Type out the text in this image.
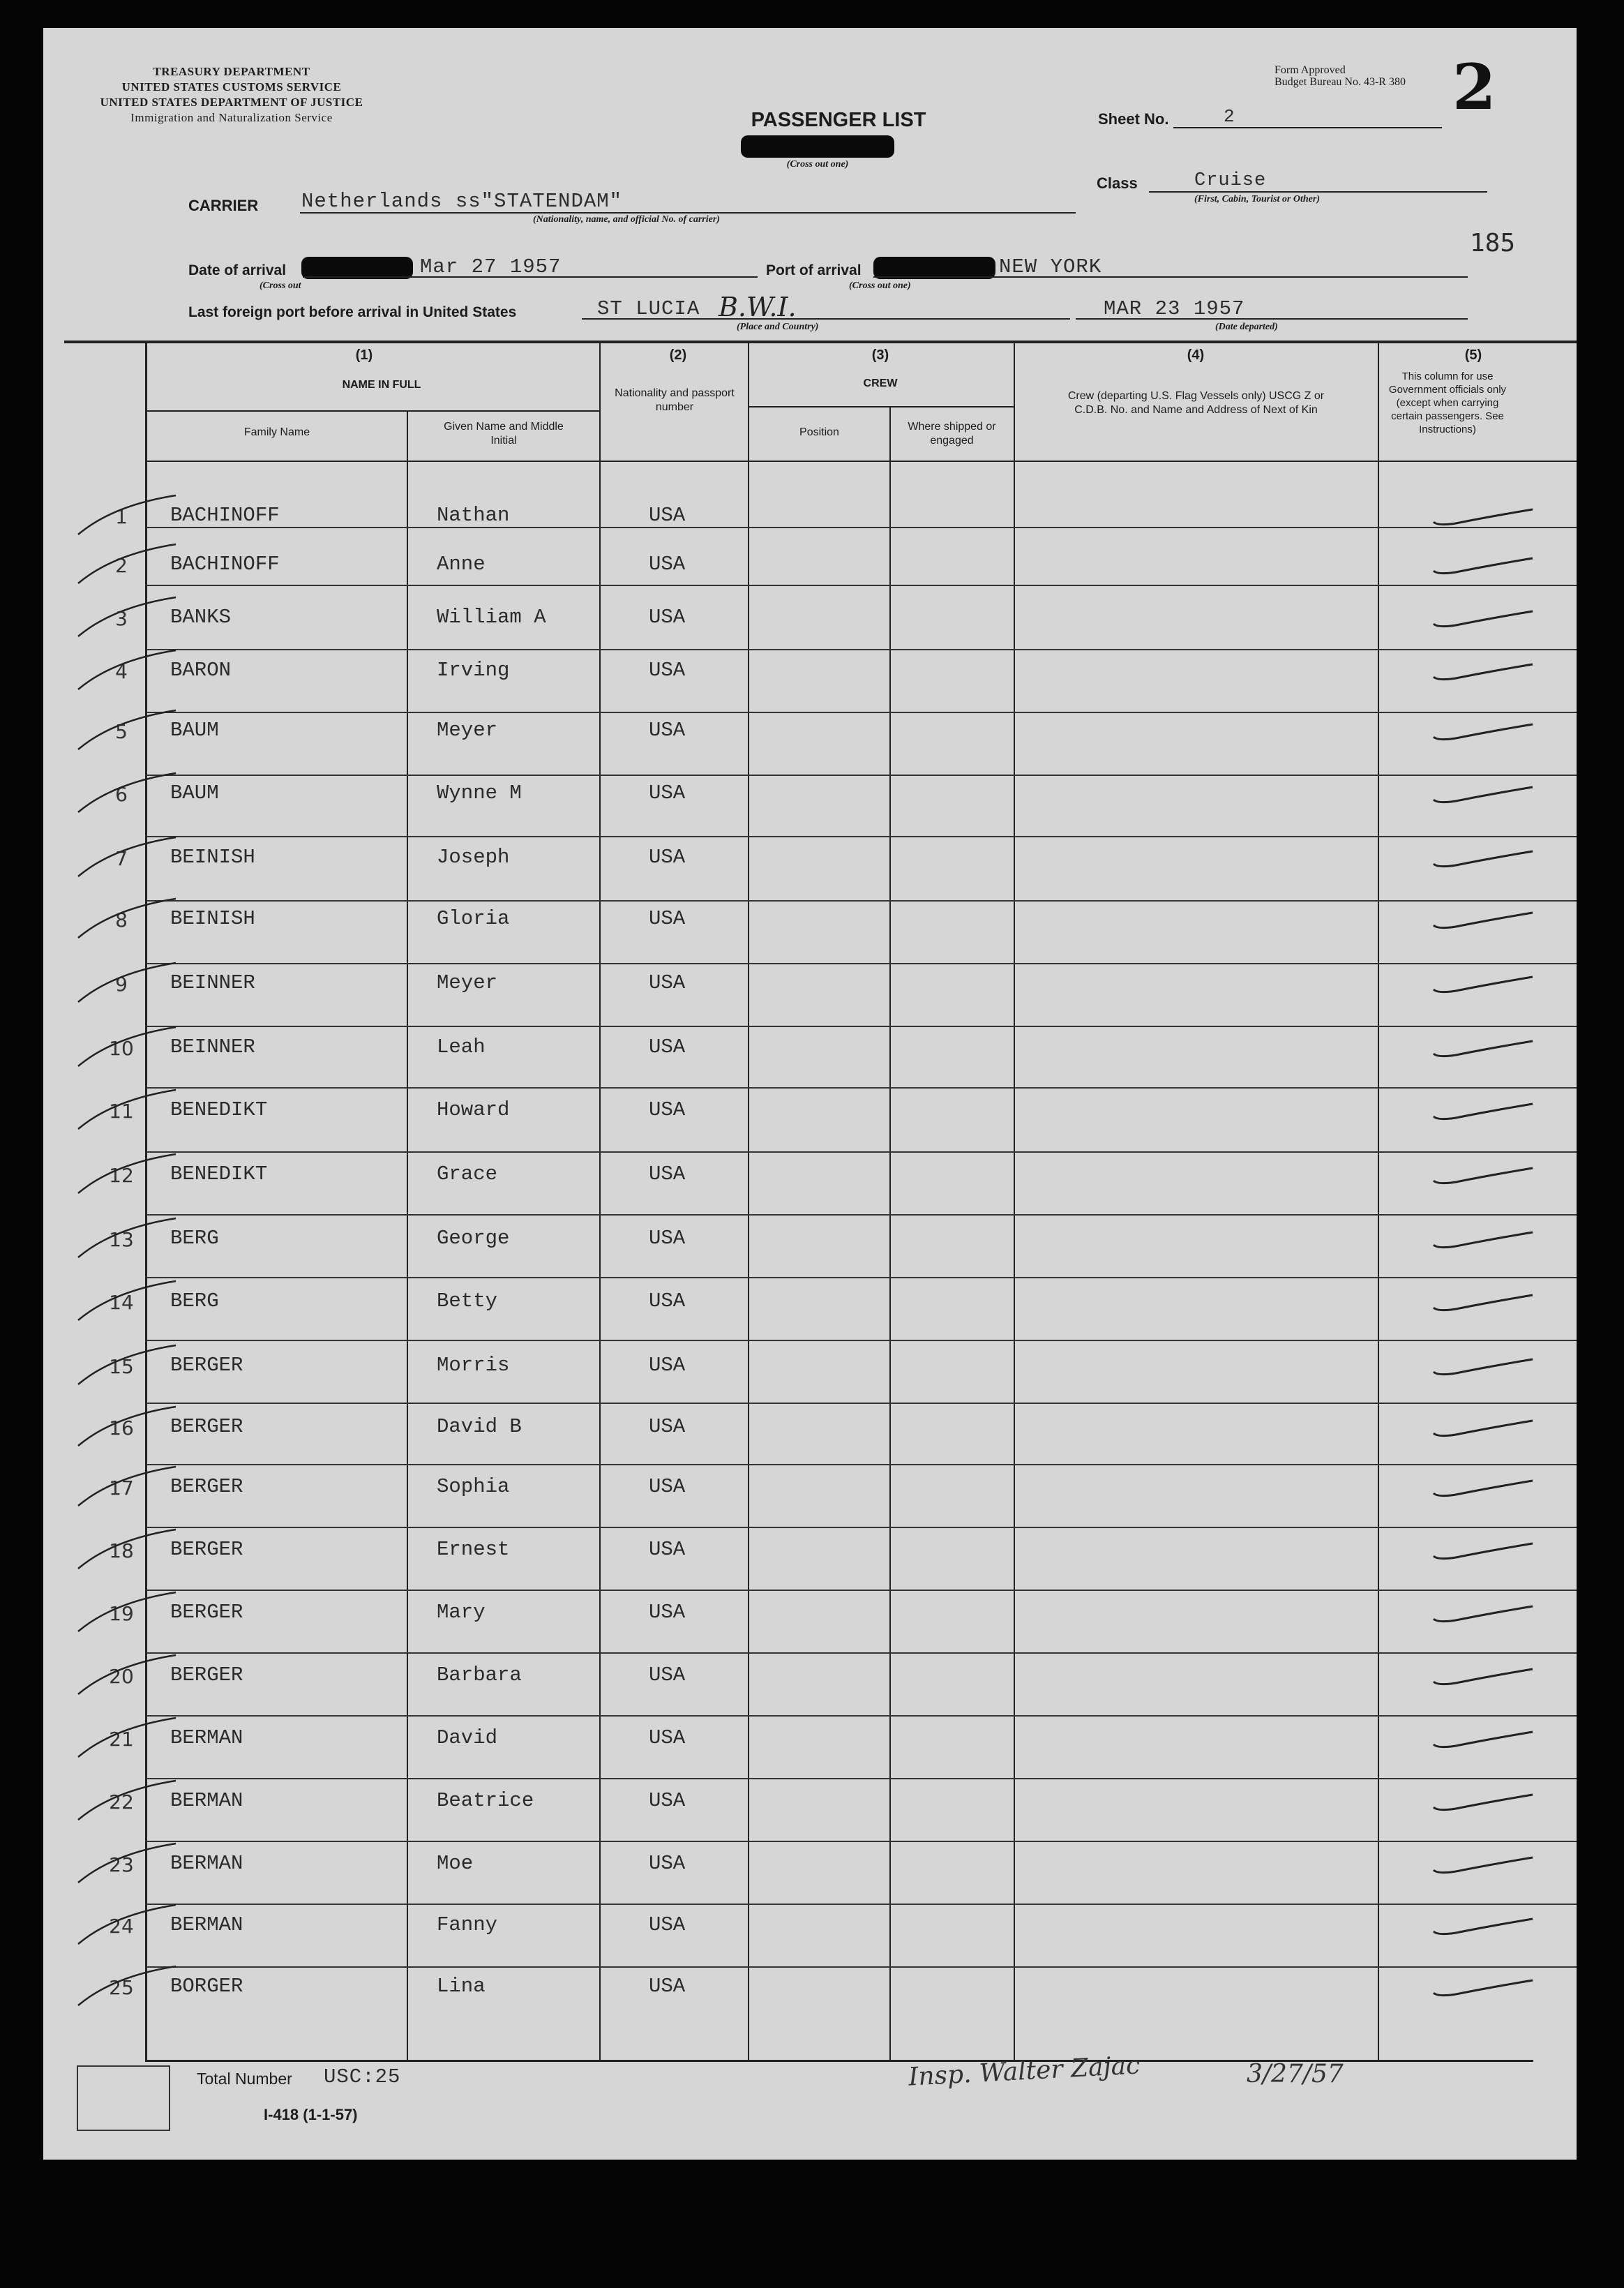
TREASURY DEPARTMENT
UNITED STATES CUSTOMS SERVICE
UNITED STATES DEPARTMENT OF JUSTICE
Immigration and Naturalization Service
Form Approved
Budget Bureau No. 43-R 380 2
PASSENGER LIST
(Cross out one)
Sheet No.	2
Class	Cruise
(First, Cabin, Tourist or Other)
185
CARRIER Netherlands ss"STATENDAM"
(Nationality, name, and official No. of carrier)
Date of arrival
(Cross out
Mar 27 1957	Port of arrival
(Cross out one)
NEW YORK
Last foreign port before arrival in United States	ST LUCIA B.W.I.
(Place and Country)
MAR 23 1957
(Date departed)
(1)
NAME IN FULL
Family Name	Given Name and Middle Initial
(2)
Nationality and passport number
(3)
CREW
Position	Where shipped or engaged
(4)
Crew (departing U.S. Flag Vessels only) USCG Z or C.D.B. No. and Name and Address of Next of Kin
(5)
This column for use Government officials only (except when carrying certain passengers. See Instructions)
1	BACHINOFF	Nathan	USA
2	BACHINOFF	Anne	USA
3	BANKS	William A	USA
4	BARON	Irving	USA
5	BAUM	Meyer	USA
6	BAUM	Wynne M	USA
7	BEINISH	Joseph	USA
8	BEINISH	Gloria	USA
9	BEINNER	Meyer	USA
10	BEINNER	Leah	USA
11	BENEDIKT	Howard	USA
12	BENEDIKT	Grace	USA
13	BERG	George	USA
14	BERG	Betty	USA
15	BERGER	Morris	USA
16	BERGER	David B	USA
17	BERGER	Sophia	USA
18	BERGER	Ernest	USA
19	BERGER	Mary	USA
20	BERGER	Barbara	USA
21	BERMAN	David	USA
22	BERMAN	Beatrice	USA
23	BERMAN	Moe	USA
24	BERMAN	Fanny	USA
25	BORGER	Lina	USA
Total Number USC:25
I-418 (1-1-57)
Insp. Walter Zajac	3/27/57
